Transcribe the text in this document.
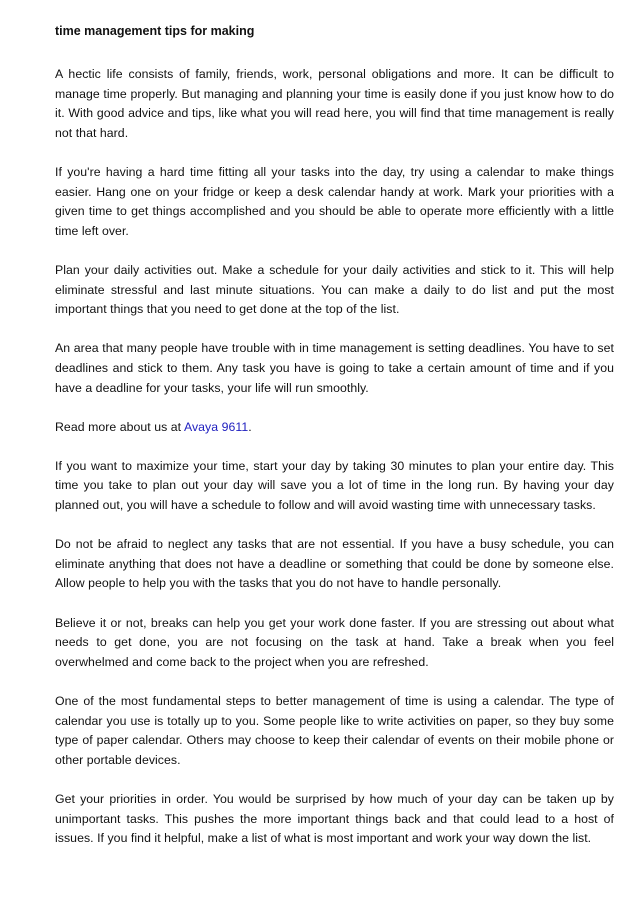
time management tips for making

A hectic life consists of family, friends, work, personal obligations and more. It can be difficult to manage time properly. But managing and planning your time is easily done if you just know how to do it. With good advice and tips, like what you will read here, you will find that time management is really not that hard.

If you're having a hard time fitting all your tasks into the day, try using a calendar to make things easier. Hang one on your fridge or keep a desk calendar handy at work. Mark your priorities with a given time to get things accomplished and you should be able to operate more efficiently with a little time left over.

Plan your daily activities out. Make a schedule for your daily activities and stick to it. This will help eliminate stressful and last minute situations. You can make a daily to do list and put the most important things that you need to get done at the top of the list.

An area that many people have trouble with in time management is setting deadlines. You have to set deadlines and stick to them. Any task you have is going to take a certain amount of time and if you have a deadline for your tasks, your life will run smoothly.

Read more about us at Avaya 9611.

If you want to maximize your time, start your day by taking 30 minutes to plan your entire day. This time you take to plan out your day will save you a lot of time in the long run. By having your day planned out, you will have a schedule to follow and will avoid wasting time with unnecessary tasks.

Do not be afraid to neglect any tasks that are not essential. If you have a busy schedule, you can eliminate anything that does not have a deadline or something that could be done by someone else. Allow people to help you with the tasks that you do not have to handle personally.

Believe it or not, breaks can help you get your work done faster. If you are stressing out about what needs to get done, you are not focusing on the task at hand. Take a break when you feel overwhelmed and come back to the project when you are refreshed.

One of the most fundamental steps to better management of time is using a calendar. The type of calendar you use is totally up to you. Some people like to write activities on paper, so they buy some type of paper calendar. Others may choose to keep their calendar of events on their mobile phone or other portable devices.

Get your priorities in order. You would be surprised by how much of your day can be taken up by unimportant tasks. This pushes the more important things back and that could lead to a host of issues. If you find it helpful, make a list of what is most important and work your way down the list.
